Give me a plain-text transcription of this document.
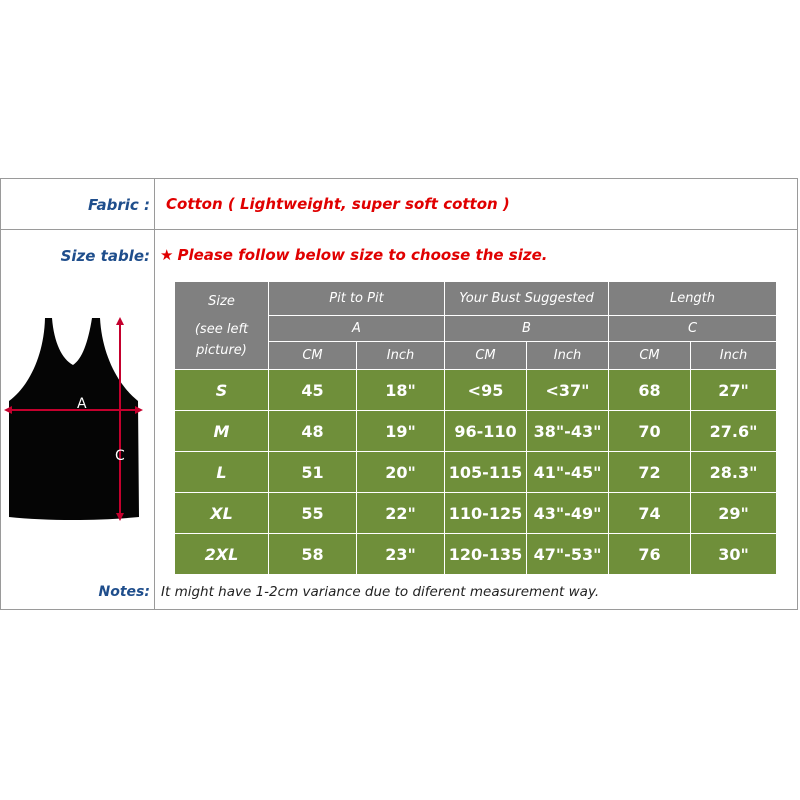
Fabric : Cotton ( Lightweight, super soft cotton )
Size table: ★ Please follow below size to choose the size.
A
C
Size
(see left picture)	Pit to Pit		Your Bust Suggested		Length	
	A		B		C	
	CM	Inch	CM	Inch	CM	Inch
S	45	18"	<95	<37"	68	27"
M	48	19"	96-110	38"-43"	70	27.6"
L	51	20"	105-115	41"-45"	72	28.3"
XL	55	22"	110-125	43"-49"	74	29"
2XL	58	23"	120-135	47"-53"	76	30"
Notes: It might have 1-2cm variance due to diferent measurement way.
